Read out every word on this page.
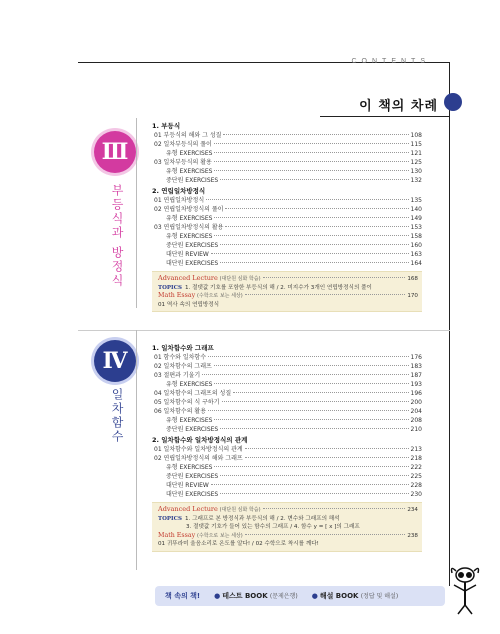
CONTENTS
이 책의 차례
Ⅲ
부등식과 방정식
1. 부등식
01 부등식의 해와 그 성질	108
02 일차부등식의 풀이	115
유형 EXERCISES	121
03 일차부등식의 활용	125
유형 EXERCISES	130
중단원 EXERCISES	132
2. 연립일차방정식
01 연립일차방정식	135
02 연립일차방정식의 풀이	140
유형 EXERCISES	149
03 연립일차방정식의 활용	153
유형 EXERCISES	158
중단원 EXERCISES	160
대단원 REVIEW	163
대단원 EXERCISES	164
Advanced Lecture (대단원 심화 학습)	168
TOPICS 1. 절댓값 기호를 포함한 부등식의 해 / 2. 미지수가 3개인 연립방정식의 풀이
Math Essay (수학으로 보는 세상)	170
01 역사 속의 연립방정식
Ⅳ
일차함수
1. 일차함수와 그래프
01 함수와 일차함수	176
02 일차함수의 그래프	183
03 절편과 기울기	187
유형 EXERCISES	193
04 일차함수의 그래프의 성질	196
05 일차함수의 식 구하기	200
06 일차함수의 활용	204
유형 EXERCISES	208
중단원 EXERCISES	210
2. 일차함수와 일차방정식의 관계
01 일차함수와 일차방정식의 관계	213
02 연립일차방정식의 해와 그래프	218
유형 EXERCISES	222
중단원 EXERCISES	225
대단원 REVIEW	228
대단원 EXERCISES	230
Advanced Lecture (대단원 심화 학습)	234
TOPICS 1. 그래프로 본 방정식과 부등식의 해 / 2. 변수와 그래프의 해석
3. 절댓값 기호가 들어 있는 함수의 그래프 / 4. 함수 y = [ x ]의 그래프
Math Essay (수학으로 보는 세상)	238
01 귀뚜라미 울음소리로 온도를 알다! / 02 수학으로 착시를 깨다!
책 속의 책! ● 테스트 BOOK (문제은행) ● 해설 BOOK (정답 및 해설)
